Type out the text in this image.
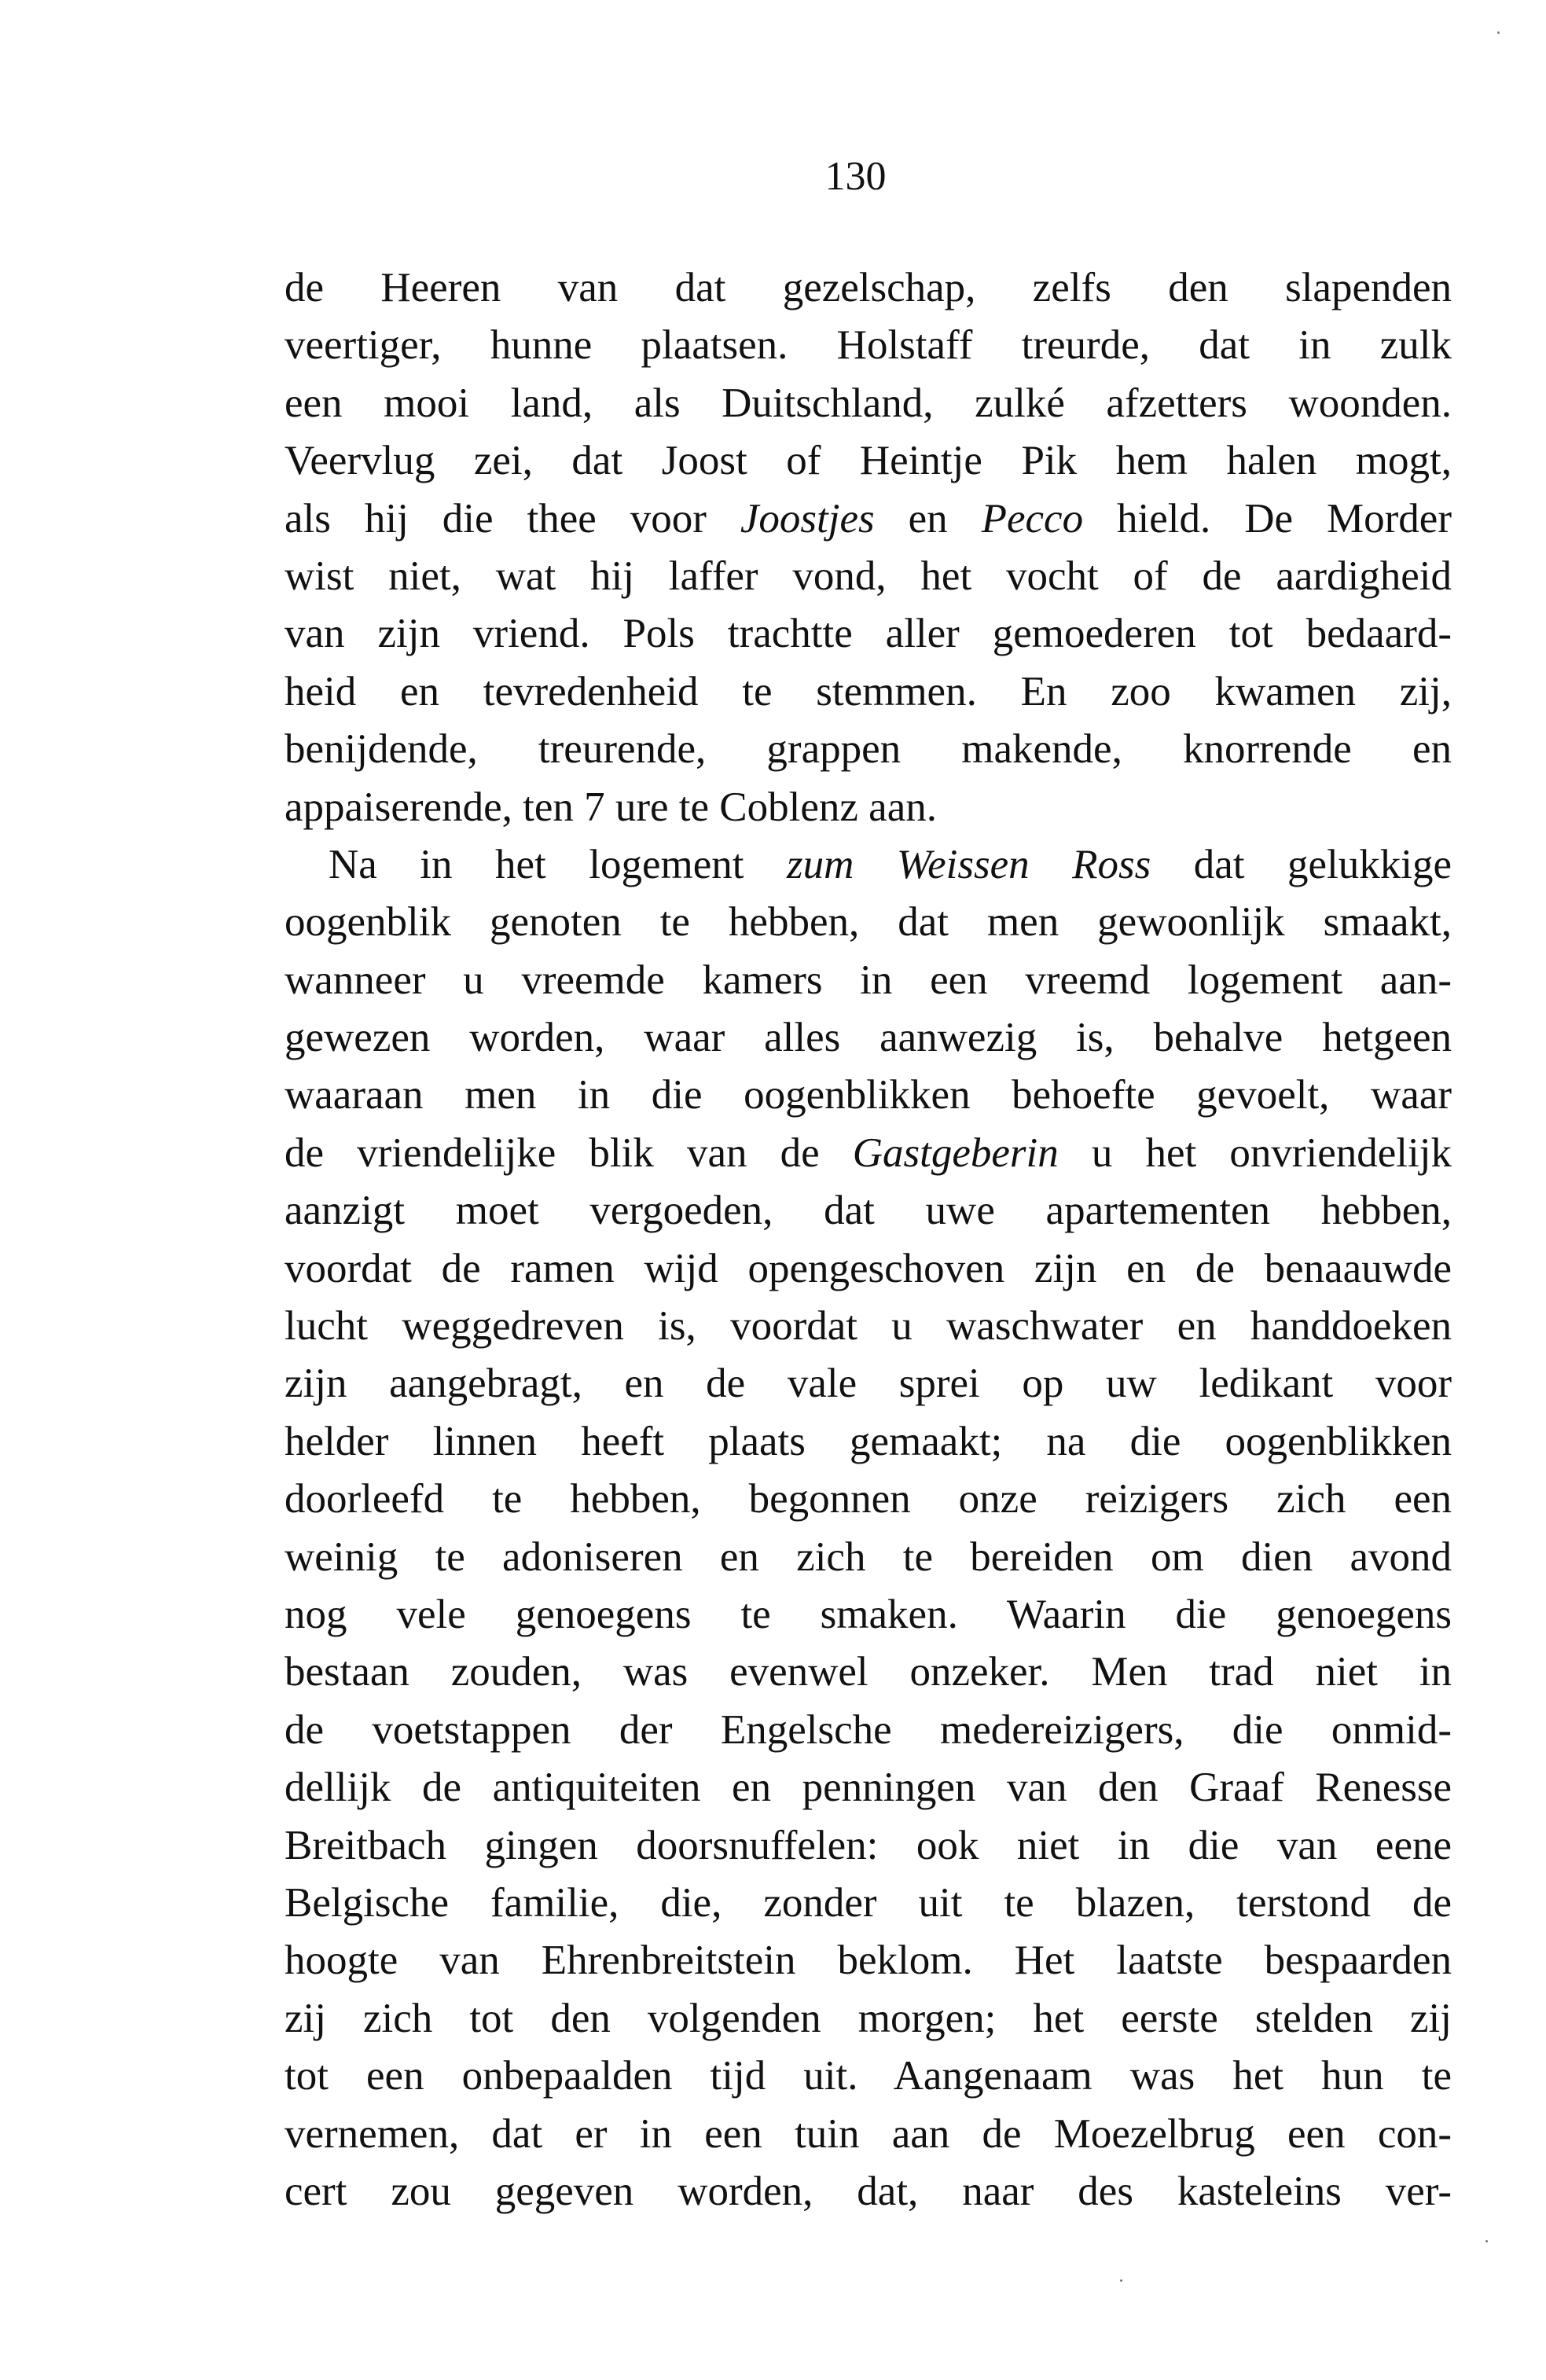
130
de Heeren van dat gezelschap, zelfs den slapenden
veertiger, hunne plaatsen. Holstaff treurde, dat in zulk
een mooi land, als Duitschland, zulké afzetters woonden.
Veervlug zei, dat Joost of Heintje Pik hem halen mogt,
als hij die thee voor Joostjes en Pecco hield. De Morder
wist niet, wat hij laffer vond, het vocht of de aardigheid
van zijn vriend. Pols trachtte aller gemoederen tot bedaard-
heid en tevredenheid te stemmen. En zoo kwamen zij,
benijdende, treurende, grappen makende, knorrende en
appaiserende, ten 7 ure te Coblenz aan.
Na in het logement zum Weissen Ross dat gelukkige
oogenblik genoten te hebben, dat men gewoonlijk smaakt,
wanneer u vreemde kamers in een vreemd logement aan-
gewezen worden, waar alles aanwezig is, behalve hetgeen
waaraan men in die oogenblikken behoefte gevoelt, waar
de vriendelijke blik van de Gastgeberin u het onvriendelijk
aanzigt moet vergoeden, dat uwe apartementen hebben,
voordat de ramen wijd opengeschoven zijn en de benaauwde
lucht weggedreven is, voordat u waschwater en handdoeken
zijn aangebragt, en de vale sprei op uw ledikant voor
helder linnen heeft plaats gemaakt; na die oogenblikken
doorleefd te hebben, begonnen onze reizigers zich een
weinig te adoniseren en zich te bereiden om dien avond
nog vele genoegens te smaken. Waarin die genoegens
bestaan zouden, was evenwel onzeker. Men trad niet in
de voetstappen der Engelsche medereizigers, die onmid-
dellijk de antiquiteiten en penningen van den Graaf Renesse
Breitbach gingen doorsnuffelen: ook niet in die van eene
Belgische familie, die, zonder uit te blazen, terstond de
hoogte van Ehrenbreitstein beklom. Het laatste bespaarden
zij zich tot den volgenden morgen; het eerste stelden zij
tot een onbepaalden tijd uit. Aangenaam was het hun te
vernemen, dat er in een tuin aan de Moezelbrug een con-
cert zou gegeven worden, dat, naar des kasteleins ver-
